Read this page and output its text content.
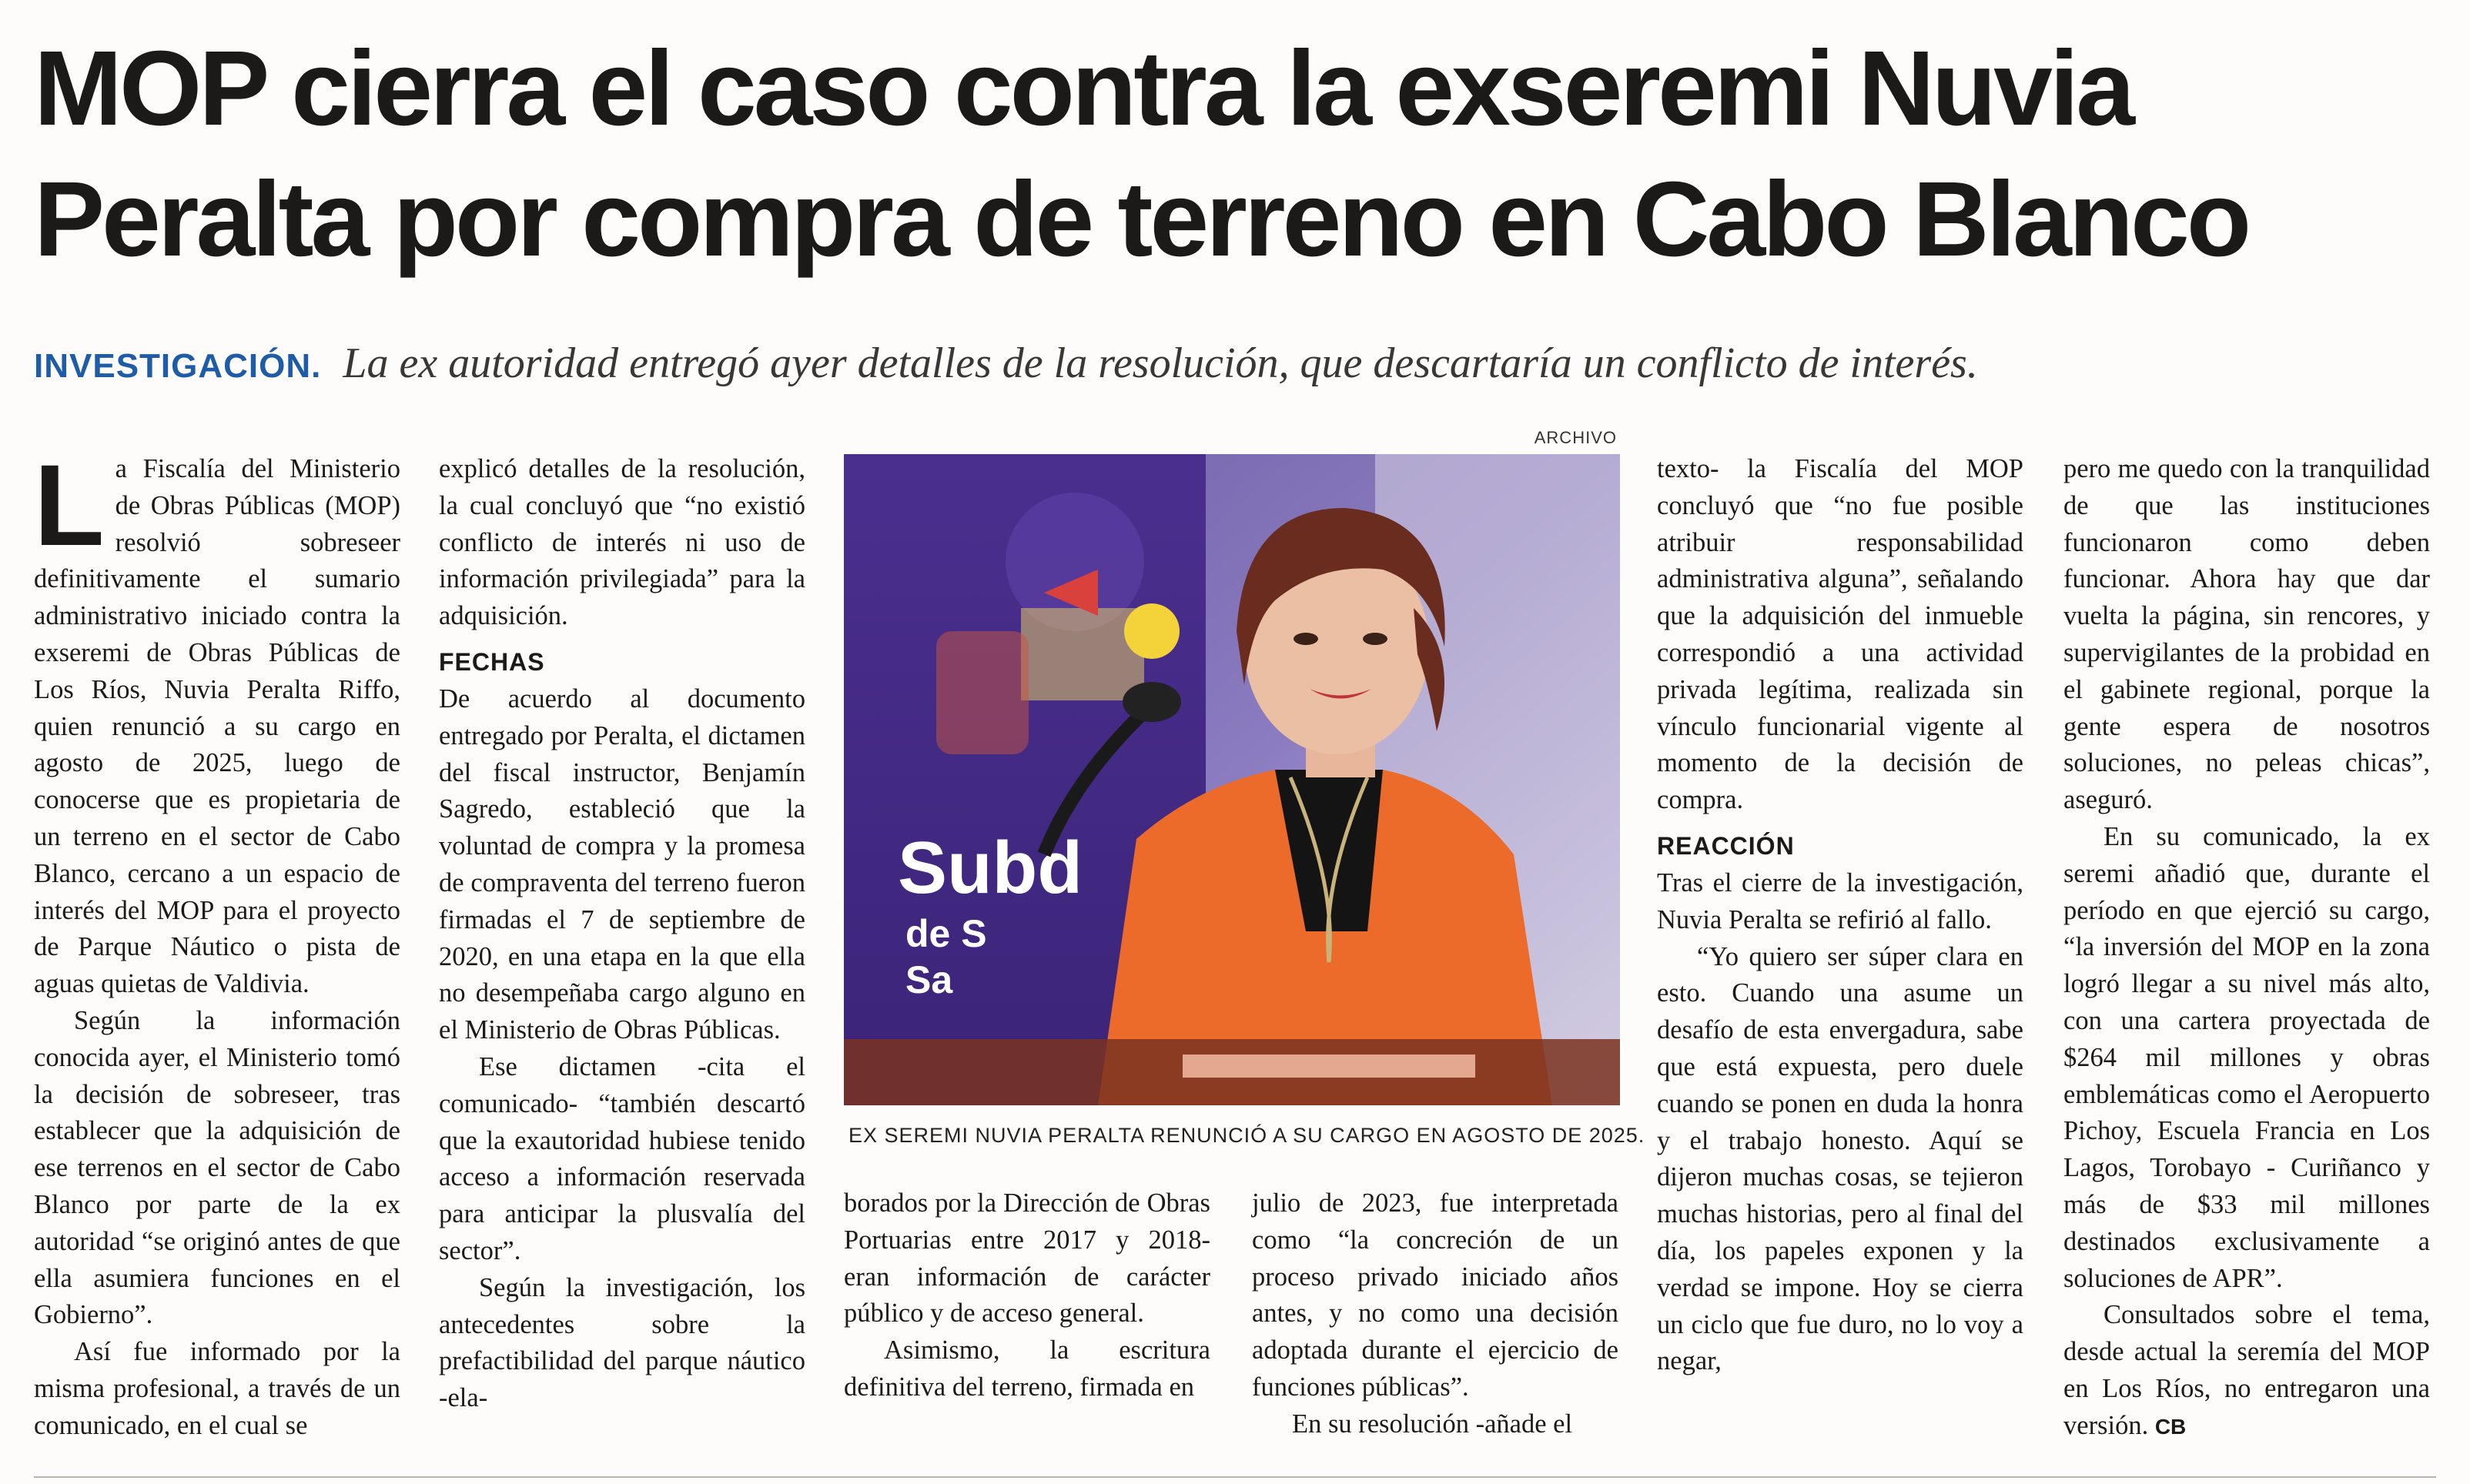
MOP cierra el caso contra la exseremi Nuvia
Peralta por compra de terreno en Cabo Blanco
INVESTIGACIÓN. La ex autoridad entregó ayer detalles de la resolución, que descartaría un conflicto de interés.

La Fiscalía del Ministerio de Obras Públicas (MOP) resolvió sobreseer definitivamente el sumario administrativo iniciado contra la exseremi de Obras Públicas de Los Ríos, Nuvia Peralta Riffo, quien renunció a su cargo en agosto de 2025, luego de conocerse que es propietaria de un terreno en el sector de Cabo Blanco, cercano a un espacio de interés del MOP para el proyecto de Parque Náutico o pista de aguas quietas de Valdivia.

Según la información conocida ayer, el Ministerio tomó la decisión de sobreseer, tras establecer que la adquisición de ese terrenos en el sector de Cabo Blanco por parte de la ex autoridad “se originó antes de que ella asumiera funciones en el Gobierno”.

Así fue informado por la misma profesional, a través de un comunicado, en el cual se

explicó detalles de la resolución, la cual concluyó que “no existió conflicto de interés ni uso de información privilegiada” para la adquisición.

FECHAS

De acuerdo al documento entregado por Peralta, el dictamen del fiscal instructor, Benjamín Sagredo, estableció que la voluntad de compra y la promesa de compraventa del terreno fueron firmadas el 7 de septiembre de 2020, en una etapa en la que ella no desempeñaba cargo alguno en el Ministerio de Obras Públicas.

Ese dictamen -cita el comunicado- “también descartó que la exautoridad hubiese tenido acceso a información reservada para anticipar la plusvalía del sector”.

Según la investigación, los antecedentes sobre la prefactibilidad del parque náutico -ela-

ARCHIVO
Subd
de S
Sa
EX SEREMI NUVIA PERALTA RENUNCIÓ A SU CARGO EN AGOSTO DE 2025.

borados por la Dirección de Obras Portuarias entre 2017 y 2018- eran información de carácter público y de acceso general.

Asimismo, la escritura definitiva del terreno, firmada en

julio de 2023, fue interpretada como “la concreción de un proceso privado iniciado años antes, y no como una decisión adoptada durante el ejercicio de funciones públicas”.

En su resolución -añade el

texto- la Fiscalía del MOP concluyó que “no fue posible atribuir responsabilidad administrativa alguna”, señalando que la adquisición del inmueble correspondió a una actividad privada legítima, realizada sin vínculo funcionarial vigente al momento de la decisión de compra.

REACCIÓN

Tras el cierre de la investigación, Nuvia Peralta se refirió al fallo.

“Yo quiero ser súper clara en esto. Cuando una asume un desafío de esta envergadura, sabe que está expuesta, pero duele cuando se ponen en duda la honra y el trabajo honesto. Aquí se dijeron muchas cosas, se tejieron muchas historias, pero al final del día, los papeles exponen y la verdad se impone. Hoy se cierra un ciclo que fue duro, no lo voy a negar,

pero me quedo con la tranquilidad de que las instituciones funcionaron como deben funcionar. Ahora hay que dar vuelta la página, sin rencores, y supervigilantes de la probidad en el gabinete regional, porque la gente espera de nosotros soluciones, no peleas chicas”, aseguró.

En su comunicado, la ex seremi añadió que, durante el período en que ejerció su cargo, “la inversión del MOP en la zona logró llegar a su nivel más alto, con una cartera proyectada de $264 mil millones y obras emblemáticas como el Aeropuerto Pichoy, Escuela Francia en Los Lagos, Torobayo - Curiñanco y más de $33 mil millones destinados exclusivamente a soluciones de APR”.

Consultados sobre el tema, desde actual la seremía del MOP en Los Ríos, no entregaron una versión. CB
